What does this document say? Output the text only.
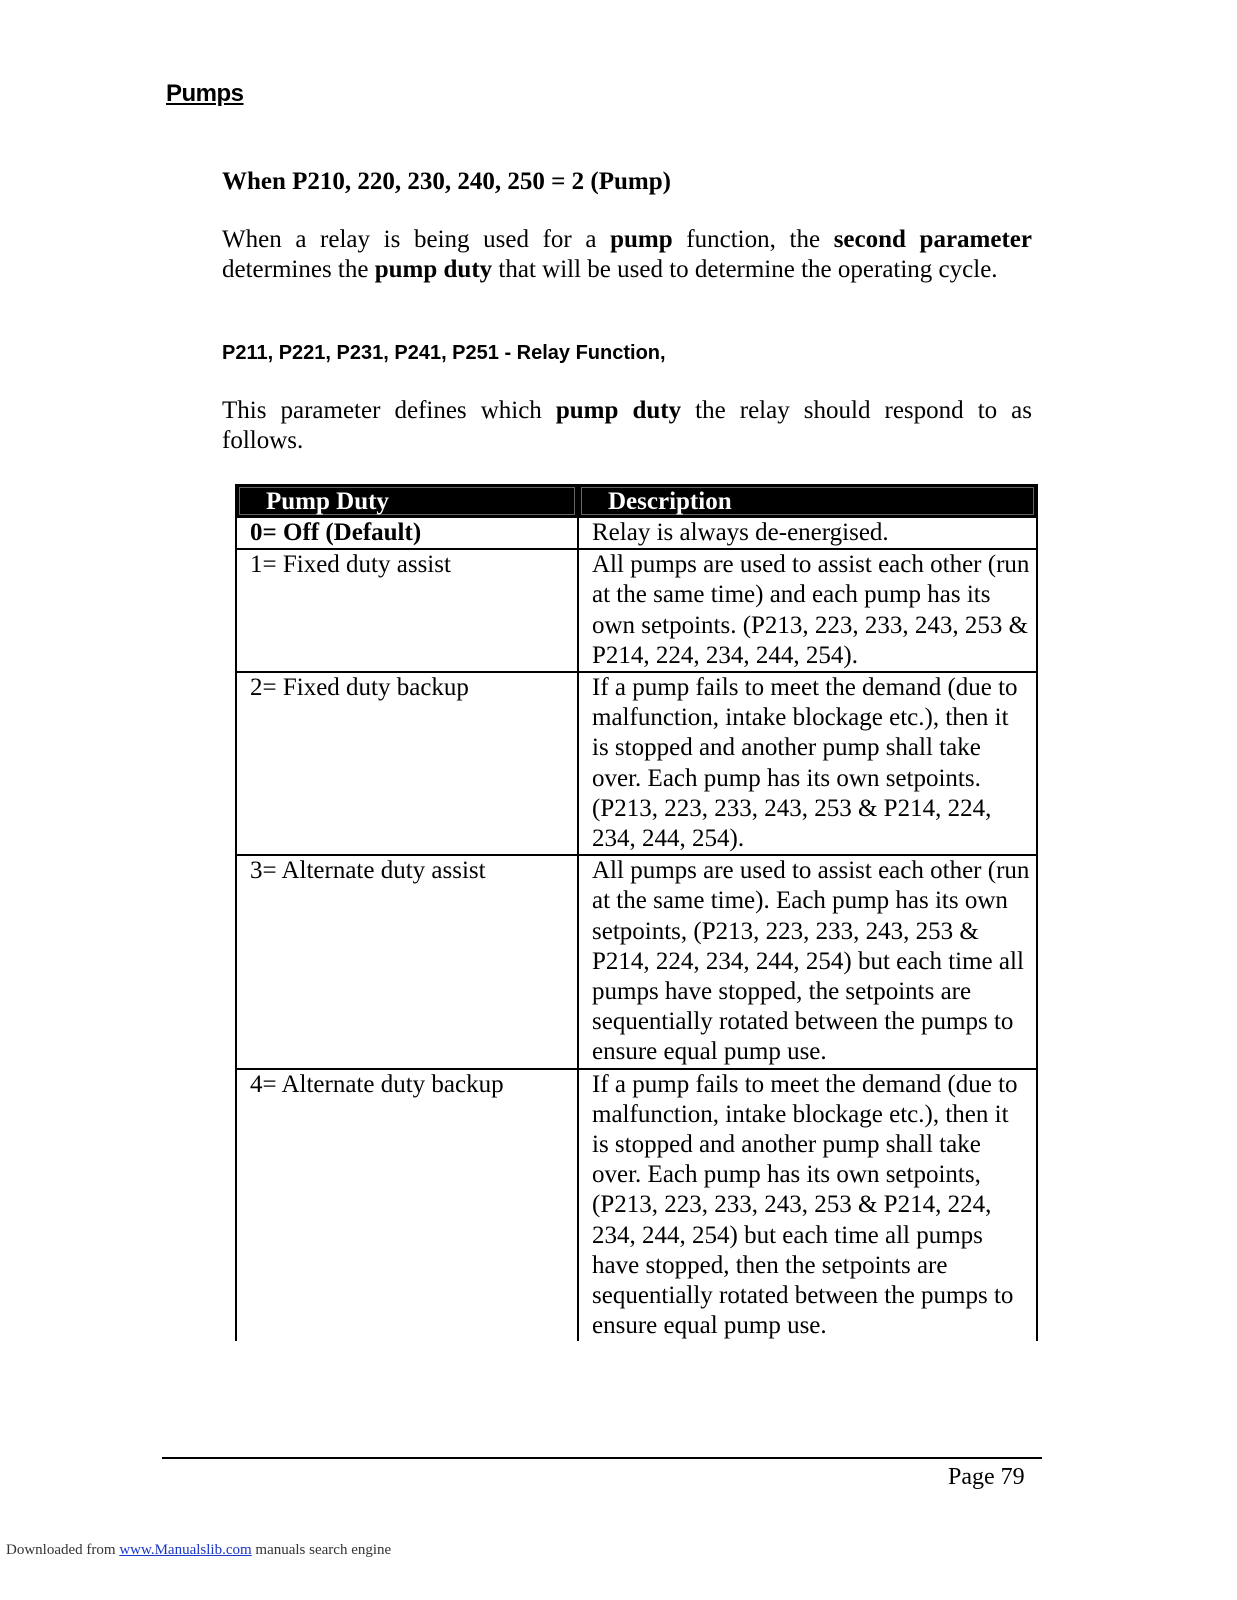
Pumps
When P210, 220, 230, 240, 250 = 2 (Pump)
When a relay is being used for a pump function, the second parameter determines the pump duty that will be used to determine the operating cycle.
P211, P221, P231, P241, P251 - Relay Function,
This parameter defines which pump duty the relay should respond to as follows.
Pump Duty	Description

0= Off (Default)	Relay is always de-energised.
1= Fixed duty assist	All pumps are used to assist each other (run at the same time) and each pump has its own setpoints. (P213, 223, 233, 243, 253 & P214, 224, 234, 244, 254).
2= Fixed duty backup	If a pump fails to meet the demand (due to malfunction, intake blockage etc.), then it is stopped and another pump shall take over. Each pump has its own setpoints. (P213, 223, 233, 243, 253 & P214, 224, 234, 244, 254).
3= Alternate duty assist	All pumps are used to assist each other (run at the same time). Each pump has its own setpoints, (P213, 223, 233, 243, 253 & P214, 224, 234, 244, 254) but each time all pumps have stopped, the setpoints are sequentially rotated between the pumps to ensure equal pump use.
4= Alternate duty backup	If a pump fails to meet the demand (due to malfunction, intake blockage etc.), then it is stopped and another pump shall take over. Each pump has its own setpoints, (P213, 223, 233, 243, 253 & P214, 224, 234, 244, 254) but each time all pumps have stopped, then the setpoints are sequentially rotated between the pumps to ensure equal pump use.
Page 79
Downloaded from www.Manualslib.com manuals search engine
